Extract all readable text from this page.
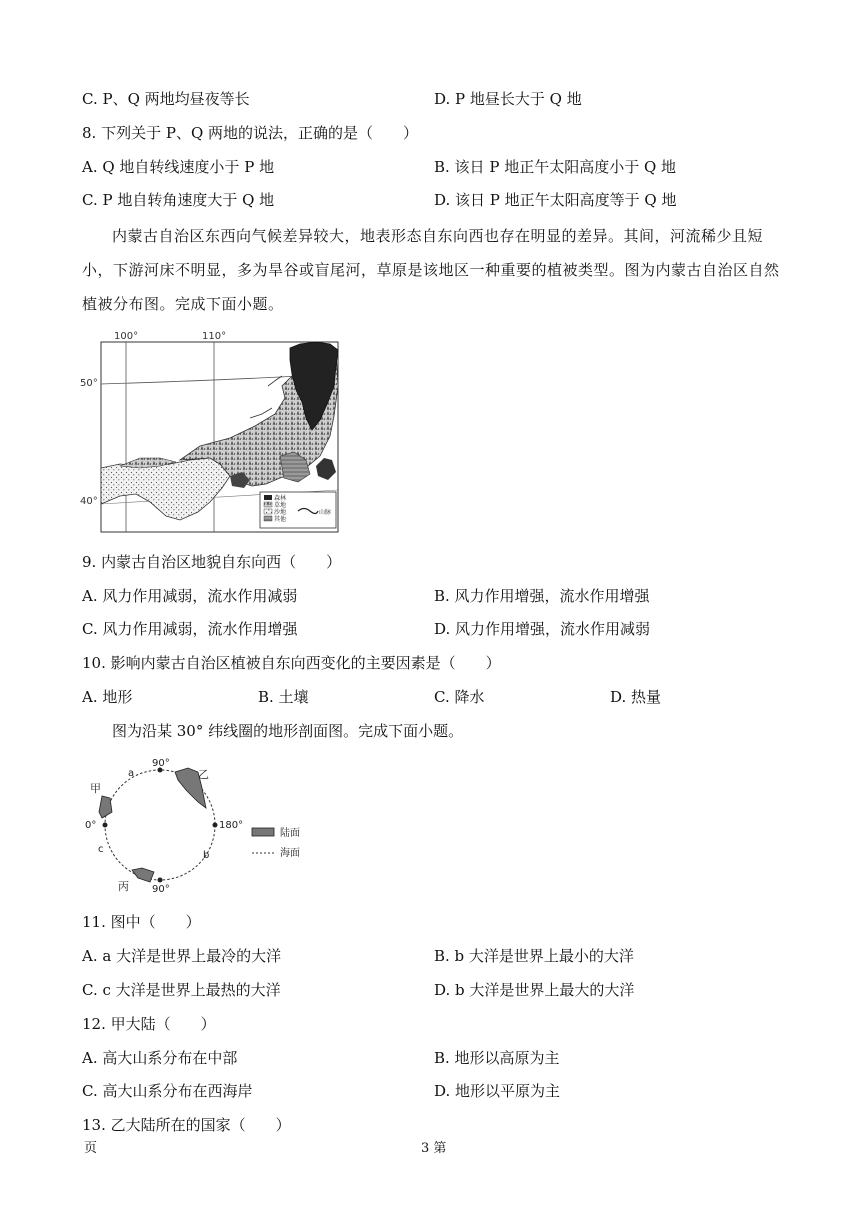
C. P、Q 两地均昼夜等长	D. P 地昼长大于 Q 地
8. 下列关于 P、Q 两地的说法，正确的是（　　）
A. Q 地自转线速度小于 P 地	B. 该日 P 地正午太阳高度小于 Q 地
C. P 地自转角速度大于 Q 地	D. 该日 P 地正午太阳高度等于 Q 地
内蒙古自治区东西向气候差异较大，地表形态自东向西也存在明显的差异。其间，河流稀少且短小，下游河床不明显，多为旱谷或盲尾河，草原是该地区一种重要的植被类型。图为内蒙古自治区自然植被分布图。完成下面小题。
100°	110°
50°
40°	森林
草地
沙地
其他
山脉
9. 内蒙古自治区地貌自东向西（　　）
A. 风力作用减弱，流水作用减弱	B. 风力作用增强，流水作用增强
C. 风力作用减弱，流水作用增强	D. 风力作用增强，流水作用减弱
10. 影响内蒙古自治区植被自东向西变化的主要因素是（　　）
A. 地形	B. 土壤	C. 降水	D. 热量
图为沿某 30° 纬线圈的地形剖面图。完成下面小题。
90°
90°
0°	180°
a
b
c
甲
乙
丙
陆面
海面
11. 图中（　　）
A. a 大洋是世界上最冷的大洋	B. b 大洋是世界上最小的大洋
C. c 大洋是世界上最热的大洋	D. b 大洋是世界上最大的大洋
12. 甲大陆（　　）
A. 高大山系分布在中部	B. 地形以高原为主
C. 高大山系分布在西海岸	D. 地形以平原为主
13. 乙大陆所在的国家（　　）
页	3 第
